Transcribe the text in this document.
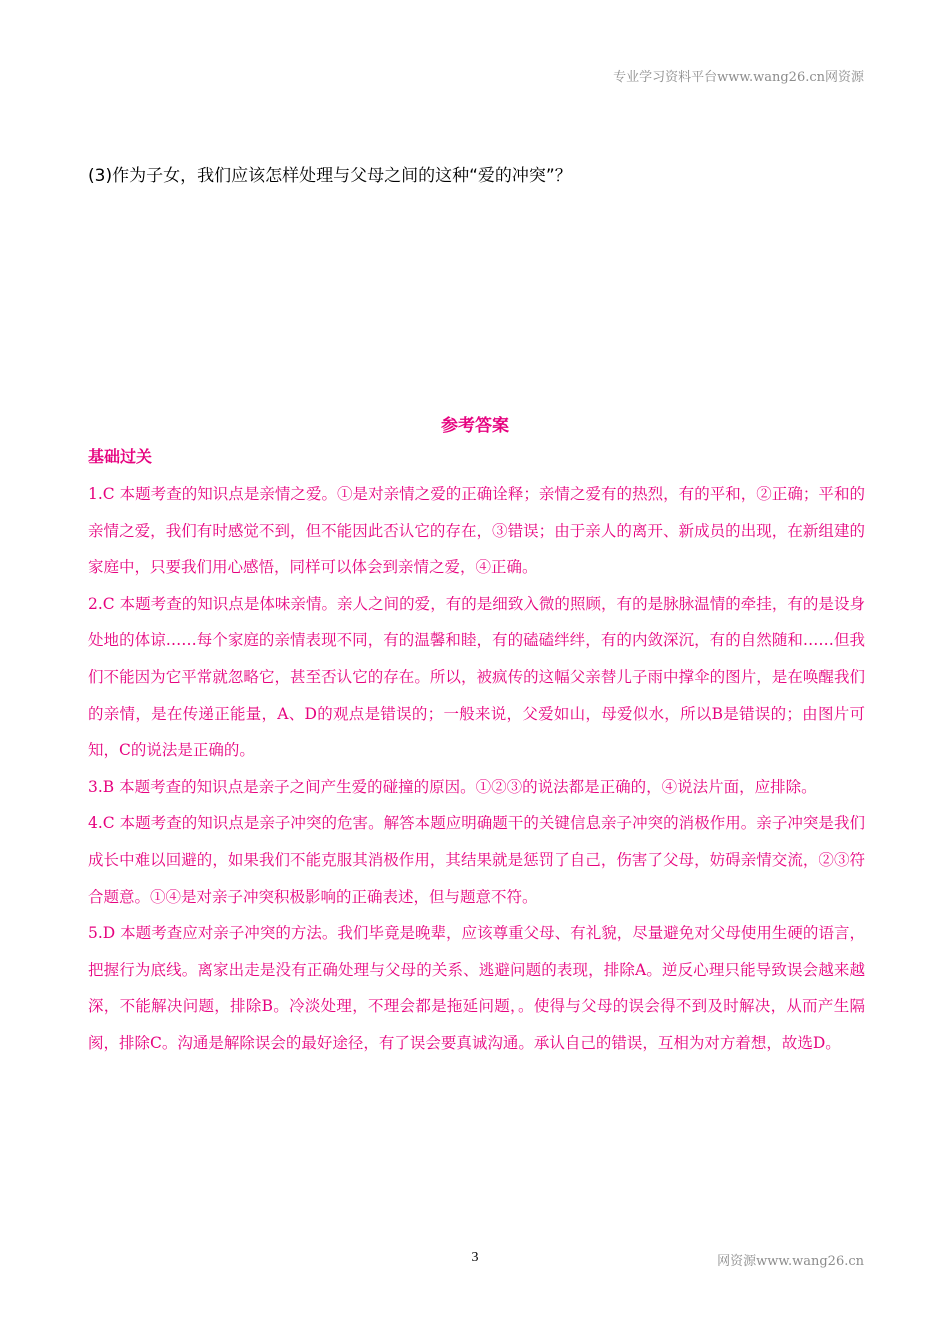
专业学习资料平台www.wang26.cn网资源
(3)作为子女，我们应该怎样处理与父母之间的这种“爱的冲突”？
参考答案
基础过关

1.C 本题考查的知识点是亲情之爱。①是对亲情之爱的正确诠释；亲情之爱有的热烈，有的平和，②正确；平和的亲情之爱，我们有时感觉不到，但不能因此否认它的存在，③错误；由于亲人的离开、新成员的出现，在新组建的家庭中，只要我们用心感悟，同样可以体会到亲情之爱，④正确。

2.C 本题考查的知识点是体味亲情。亲人之间的爱，有的是细致入微的照顾，有的是脉脉温情的牵挂，有的是设身处地的体谅……每个家庭的亲情表现不同，有的温馨和睦，有的磕磕绊绊，有的内敛深沉，有的自然随和……但我们不能因为它平常就忽略它，甚至否认它的存在。所以，被疯传的这幅父亲替儿子雨中撑伞的图片，是在唤醒我们的亲情，是在传递正能量，A、D的观点是错误的；一般来说，父爱如山，母爱似水，所以B是错误的；由图片可知，C的说法是正确的。

3.B 本题考查的知识点是亲子之间产生爱的碰撞的原因。①②③的说法都是正确的，④说法片面，应排除。

4.C 本题考查的知识点是亲子冲突的危害。解答本题应明确题干的关键信息亲子冲突的消极作用。亲子冲突是我们成长中难以回避的，如果我们不能克服其消极作用，其结果就是惩罚了自己，伤害了父母，妨碍亲情交流，②③符合题意。①④是对亲子冲突积极影响的正确表述，但与题意不符。

5.D 本题考查应对亲子冲突的方法。我们毕竟是晚辈，应该尊重父母、有礼貌，尽量避免对父母使用生硬的语言，把握行为底线。离家出走是没有正确处理与父母的关系、逃避问题的表现，排除A。逆反心理只能导致误会越来越深，不能解决问题，排除B。冷淡处理，不理会都是拖延问题，。使得与父母的误会得不到及时解决，从而产生隔阂，排除C。沟通是解除误会的最好途径，有了误会要真诚沟通。承认自己的错误，互相为对方着想，故选D。

3	网资源www.wang26.cn
